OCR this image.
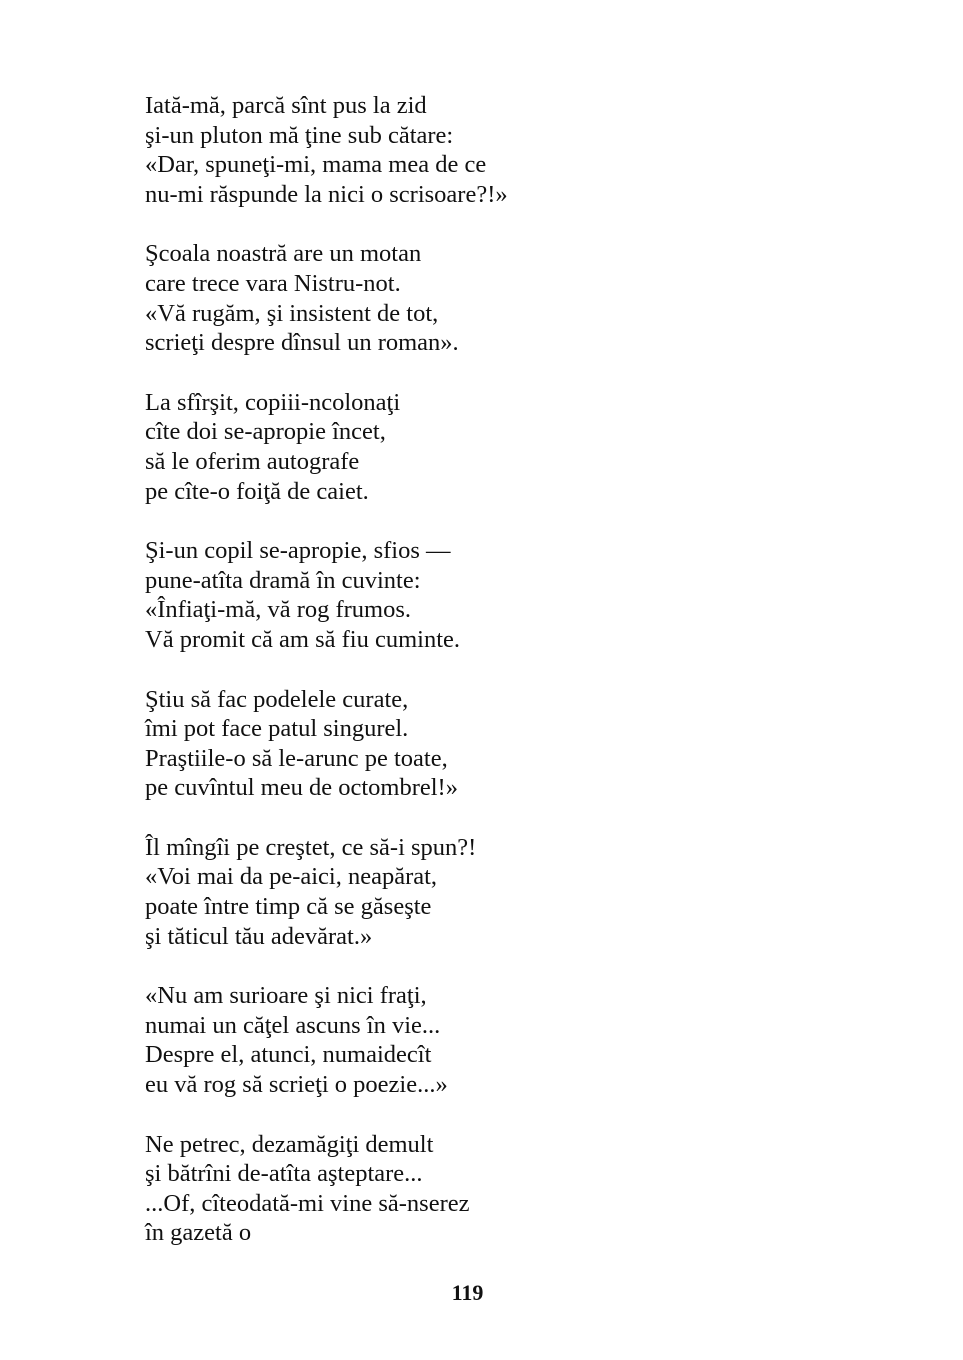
Iată-mă, parcă sînt pus la zid
şi-un pluton mă ţine sub cătare:
«Dar, spuneţi-mi, mama mea de ce
nu-mi răspunde la nici o scrisoare?!»
Şcoala noastră are un motan
care trece vara Nistru-not.
«Vă rugăm, şi insistent de tot,
scrieţi despre dînsul un roman».
La sfîrşit, copiii-ncolonaţi
cîte doi se-apropie încet,
să le oferim autografe
pe cîte-o foiţă de caiet.
Şi-un copil se-apropie, sfios —
pune-atîta dramă în cuvinte:
«Înfiaţi-mă, vă rog frumos.
Vă promit că am să fiu cuminte.
Ştiu să fac podelele curate,
îmi pot face patul singurel.
Praştiile-o să le-arunc pe toate,
pe cuvîntul meu de octombrel!»
Îl mîngîi pe creştet, ce să-i spun?!
«Voi mai da pe-aici, neapărat,
poate între timp că se găseşte
şi tăticul tău adevărat.»
«Nu am surioare şi nici fraţi,
numai un căţel ascuns în vie...
Despre el, atunci, numaidecît
eu vă rog să scrieţi o poezie...»
Ne petrec, dezamăgiţi demult
şi bătrîni de-atîta aşteptare...
...Of, cîteodată-mi vine să-nserez
în gazetă o
119
